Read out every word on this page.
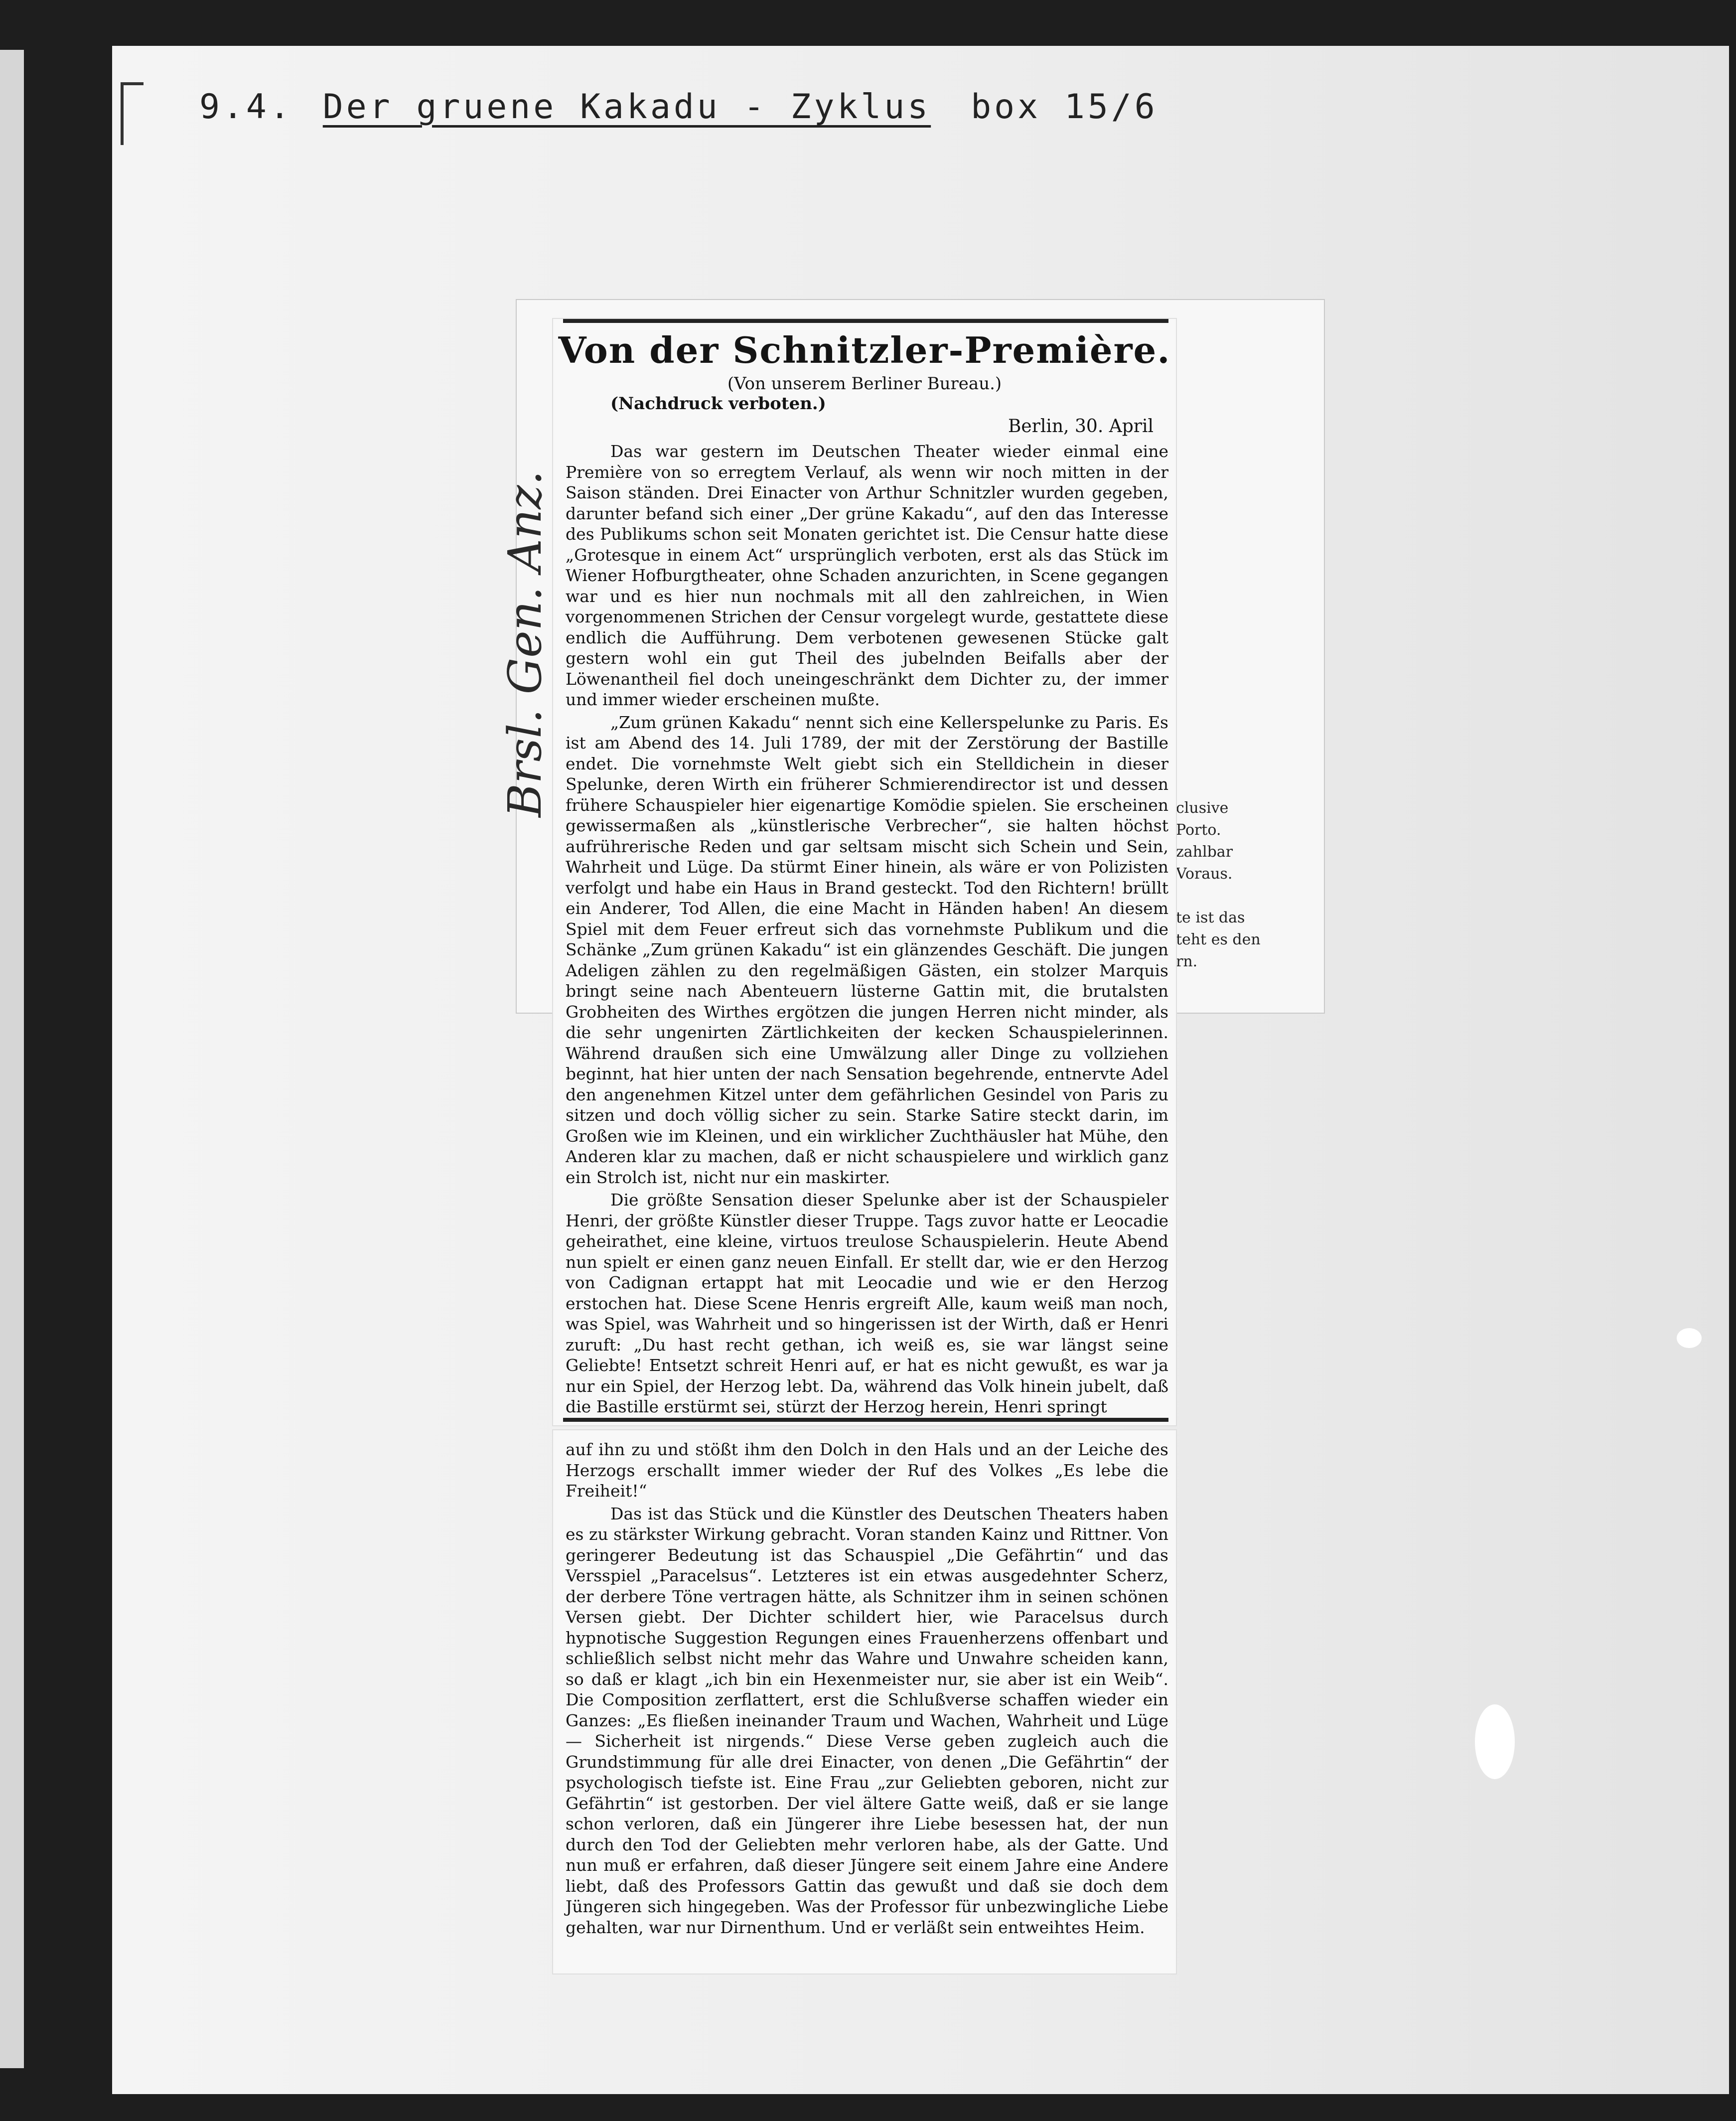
9.4. Der gruene Kakadu - Zyklus box 15/6
clusive
Porto.
zahlbar
Voraus.

te ist das
teht es den
rn.
Von der Schnitzler-Première.
(Von unserem Berliner Bureau.)
(Nachdruck verboten.)
Berlin, 30. April

Das war gestern im Deutschen Theater wieder einmal eine Première von so erregtem Verlauf, als wenn wir noch mitten in der Saison ständen. Drei Einacter von Arthur Schnitzler wurden gegeben, darunter befand sich einer „Der grüne Kakadu“, auf den das Interesse des Publikums schon seit Monaten gerichtet ist. Die Censur hatte diese „Grotesque in einem Act“ ursprünglich verboten, erst als das Stück im Wiener Hofburgtheater, ohne Schaden anzurichten, in Scene gegangen war und es hier nun nochmals mit all den zahlreichen, in Wien vorgenommenen Strichen der Censur vorgelegt wurde, gestattete diese endlich die Aufführung. Dem verbotenen gewesenen Stücke galt gestern wohl ein gut Theil des jubelnden Beifalls aber der Löwenantheil fiel doch uneingeschränkt dem Dichter zu, der immer und immer wieder erscheinen mußte.

„Zum grünen Kakadu“ nennt sich eine Kellerspelunke zu Paris. Es ist am Abend des 14. Juli 1789, der mit der Zerstörung der Bastille endet. Die vornehmste Welt giebt sich ein Stelldichein in dieser Spelunke, deren Wirth ein früherer Schmierendirector ist und dessen frühere Schauspieler hier eigenartige Komödie spielen. Sie erscheinen gewissermaßen als „künstlerische Verbrecher“, sie halten höchst aufrührerische Reden und gar seltsam mischt sich Schein und Sein, Wahrheit und Lüge. Da stürmt Einer hinein, als wäre er von Polizisten verfolgt und habe ein Haus in Brand gesteckt. Tod den Richtern! brüllt ein Anderer, Tod Allen, die eine Macht in Händen haben! An diesem Spiel mit dem Feuer erfreut sich das vornehmste Publikum und die Schänke „Zum grünen Kakadu“ ist ein glänzendes Geschäft. Die jungen Adeligen zählen zu den regelmäßigen Gästen, ein stolzer Marquis bringt seine nach Abenteuern lüsterne Gattin mit, die brutalsten Grobheiten des Wirthes ergötzen die jungen Herren nicht minder, als die sehr ungenirten Zärtlichkeiten der kecken Schauspielerinnen. Während draußen sich eine Umwälzung aller Dinge zu vollziehen beginnt, hat hier unten der nach Sensation begehrende, entnervte Adel den angenehmen Kitzel unter dem gefährlichen Gesindel von Paris zu sitzen und doch völlig sicher zu sein. Starke Satire steckt darin, im Großen wie im Kleinen, und ein wirklicher Zuchthäusler hat Mühe, den Anderen klar zu machen, daß er nicht schauspielere und wirklich ganz ein Strolch ist, nicht nur ein maskirter.

Die größte Sensation dieser Spelunke aber ist der Schauspieler Henri, der größte Künstler dieser Truppe. Tags zuvor hatte er Leocadie geheirathet, eine kleine, virtuos treulose Schauspielerin. Heute Abend nun spielt er einen ganz neuen Einfall. Er stellt dar, wie er den Herzog von Cadignan ertappt hat mit Leocadie und wie er den Herzog erstochen hat. Diese Scene Henris ergreift Alle, kaum weiß man noch, was Spiel, was Wahrheit und so hingerissen ist der Wirth, daß er Henri zuruft: „Du hast recht gethan, ich weiß es, sie war längst seine Geliebte! Entsetzt schreit Henri auf, er hat es nicht gewußt, es war ja nur ein Spiel, der Herzog lebt. Da, während das Volk hinein jubelt, daß die Bastille erstürmt sei, stürzt der Herzog herein, Henri springt

auf ihn zu und stößt ihm den Dolch in den Hals und an der Leiche des Herzogs erschallt immer wieder der Ruf des Volkes „Es lebe die Freiheit!“

Das ist das Stück und die Künstler des Deutschen Theaters haben es zu stärkster Wirkung gebracht. Voran standen Kainz und Rittner. Von geringerer Bedeutung ist das Schauspiel „Die Gefährtin“ und das Versspiel „Paracelsus“. Letzteres ist ein etwas ausgedehnter Scherz, der derbere Töne vertragen hätte, als Schnitzer ihm in seinen schönen Versen giebt. Der Dichter schildert hier, wie Paracelsus durch hypnotische Suggestion Regungen eines Frauenherzens offenbart und schließlich selbst nicht mehr das Wahre und Unwahre scheiden kann, so daß er klagt „ich bin ein Hexenmeister nur, sie aber ist ein Weib“. Die Composition zerflattert, erst die Schlußverse schaffen wieder ein Ganzes: „Es fließen ineinander Traum und Wachen, Wahrheit und Lüge — Sicherheit ist nirgends.“ Diese Verse geben zugleich auch die Grundstimmung für alle drei Einacter, von denen „Die Gefährtin“ der psychologisch tiefste ist. Eine Frau „zur Geliebten geboren, nicht zur Gefährtin“ ist gestorben. Der viel ältere Gatte weiß, daß er sie lange schon verloren, daß ein Jüngerer ihre Liebe besessen hat, der nun durch den Tod der Geliebten mehr verloren habe, als der Gatte. Und nun muß er erfahren, daß dieser Jüngere seit einem Jahre eine Andere liebt, daß des Professors Gattin das gewußt und daß sie doch dem Jüngeren sich hingegeben. Was der Professor für unbezwingliche Liebe gehalten, war nur Dirnenthum. Und er verläßt sein entweihtes Heim.

Brsl. Gen. Anz.
